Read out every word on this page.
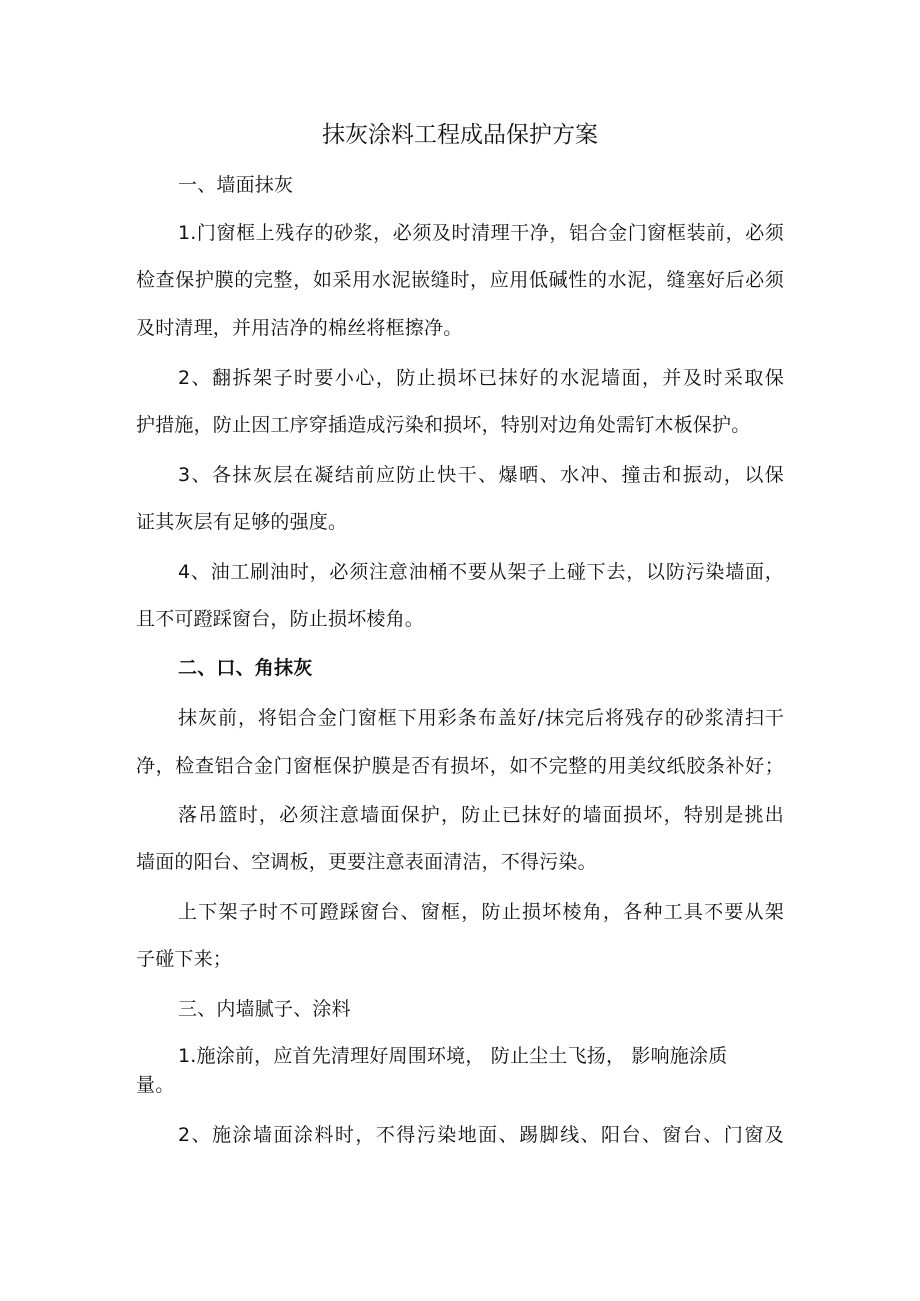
抹灰涂料工程成品保护方案
一、墙面抹灰
1.门窗框上残存的砂浆，必须及时清理干净，铝合金门窗框装前，必须
检查保护膜的完整，如采用水泥嵌缝时，应用低碱性的水泥，缝塞好后必须
及时清理，并用洁净的棉丝将框擦净。
2、翻拆架子时要小心，防止损坏已抹好的水泥墙面，并及时采取保
护措施，防止因工序穿插造成污染和损坏，特别对边角处需钉木板保护。
3、各抹灰层在凝结前应防止快干、爆晒、水冲、撞击和振动，以保
证其灰层有足够的强度。
4、油工刷油时，必须注意油桶不要从架子上碰下去，以防污染墙面，
且不可蹬踩窗台，防止损坏棱角。
二、口、角抹灰
抹灰前，将铝合金门窗框下用彩条布盖好/抹完后将残存的砂浆清扫干
净，检查铝合金门窗框保护膜是否有损坏，如不完整的用美纹纸胶条补好；
落吊篮时，必须注意墙面保护，防止已抹好的墙面损坏，特别是挑出
墙面的阳台、空调板，更要注意表面清洁，不得污染。
上下架子时不可蹬踩窗台、窗框，防止损坏棱角，各种工具不要从架
子碰下来；
三、内墙腻子、涂料
1.施涂前，应首先清理好周围环境， 防止尘土飞扬， 影响施涂质
量。
2、施涂墙面涂料时，不得污染地面、踢脚线、阳台、窗台、门窗及
